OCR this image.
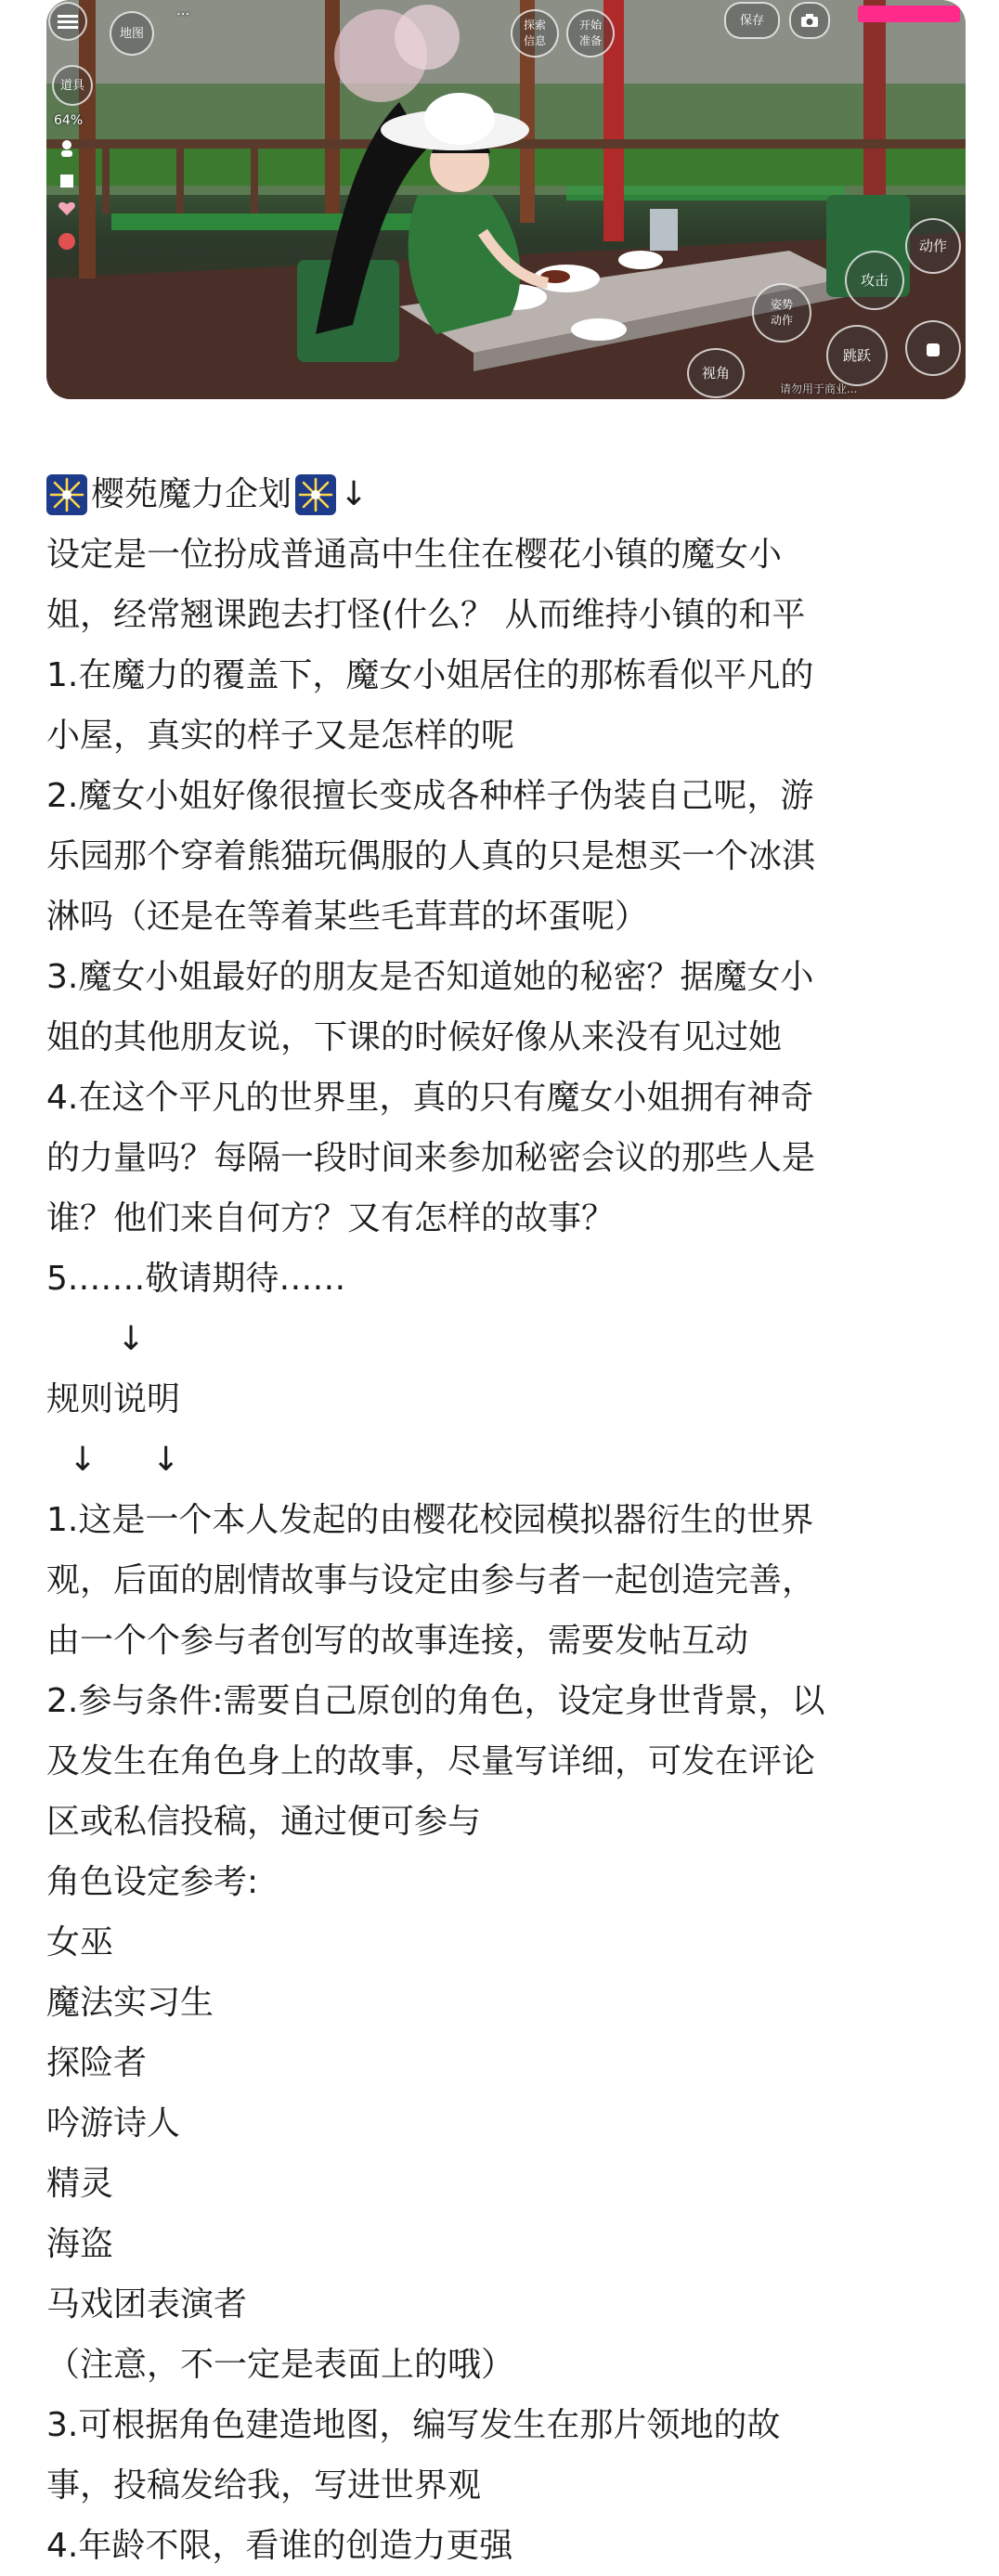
地图
...
探索
信息
开始
准备
保存
道具
64%
动作
攻击
姿势
动作
跳跃
视角
请勿用于商业...
樱苑魔力企划 ↓
设定是一位扮成普通高中生住在樱花小镇的魔女小
姐，经常翘课跑去打怪(什么？ 从而维持小镇的和平
1.在魔力的覆盖下，魔女小姐居住的那栋看似平凡的
小屋，真实的样子又是怎样的呢
2.魔女小姐好像很擅长变成各种样子伪装自己呢，游
乐园那个穿着熊猫玩偶服的人真的只是想买一个冰淇
淋吗（还是在等着某些毛茸茸的坏蛋呢）
3.魔女小姐最好的朋友是否知道她的秘密？据魔女小
姐的其他朋友说，下课的时候好像从来没有见过她
4.在这个平凡的世界里，真的只有魔女小姐拥有神奇
的力量吗？每隔一段时间来参加秘密会议的那些人是
谁？他们来自何方？又有怎样的故事？
5.……敬请期待……
↓
规则说明
↓ ↓
1.这是一个本人发起的由樱花校园模拟器衍生的世界
观，后面的剧情故事与设定由参与者一起创造完善，
由一个个参与者创写的故事连接，需要发帖互动
2.参与条件:需要自己原创的角色，设定身世背景，以
及发生在角色身上的故事，尽量写详细，可发在评论
区或私信投稿，通过便可参与
角色设定参考:
女巫
魔法实习生
探险者
吟游诗人
精灵
海盗
马戏团表演者
（注意，不一定是表面上的哦）
3.可根据角色建造地图，编写发生在那片领地的故
事，投稿发给我，写进世界观
4.年龄不限，看谁的创造力更强
